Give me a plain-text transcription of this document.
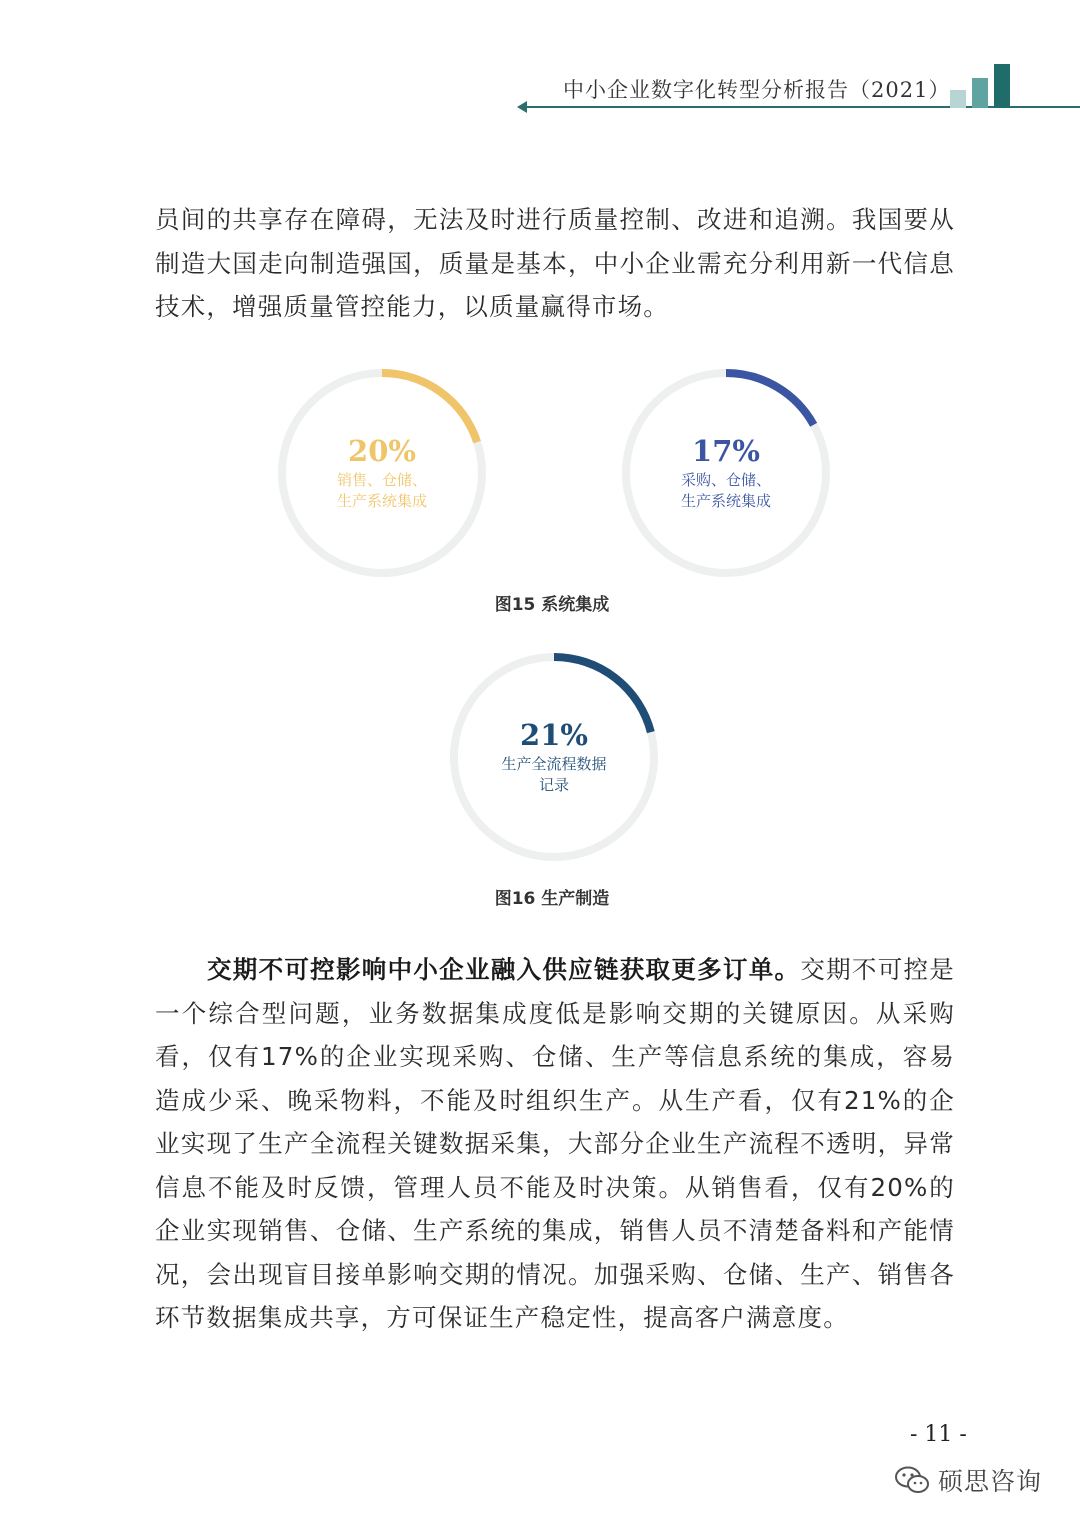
中小企业数字化转型分析报告（2021）

员间的共享存在障碍，无法及时进行质量控制、改进和追溯。我国要从制造大国走向制造强国，质量是基本，中小企业需充分利用新一代信息技术，增强质量管控能力，以质量赢得市场。

20%
销售、仓储、
生产系统集成
17%
采购、仓储、
生产系统集成
图15 系统集成
21%
生产全流程数据
记录
图16 生产制造

交期不可控影响中小企业融入供应链获取更多订单。交期不可控是一个综合型问题，业务数据集成度低是影响交期的关键原因。从采购看，仅有17%的企业实现采购、仓储、生产等信息系统的集成，容易造成少采、晚采物料，不能及时组织生产。从生产看，仅有21%的企业实现了生产全流程关键数据采集，大部分企业生产流程不透明，异常信息不能及时反馈，管理人员不能及时决策。从销售看，仅有20%的企业实现销售、仓储、生产系统的集成，销售人员不清楚备料和产能情况，会出现盲目接单影响交期的情况。加强采购、仓储、生产、销售各环节数据集成共享，方可保证生产稳定性，提高客户满意度。

- 11 -
硕思咨询
